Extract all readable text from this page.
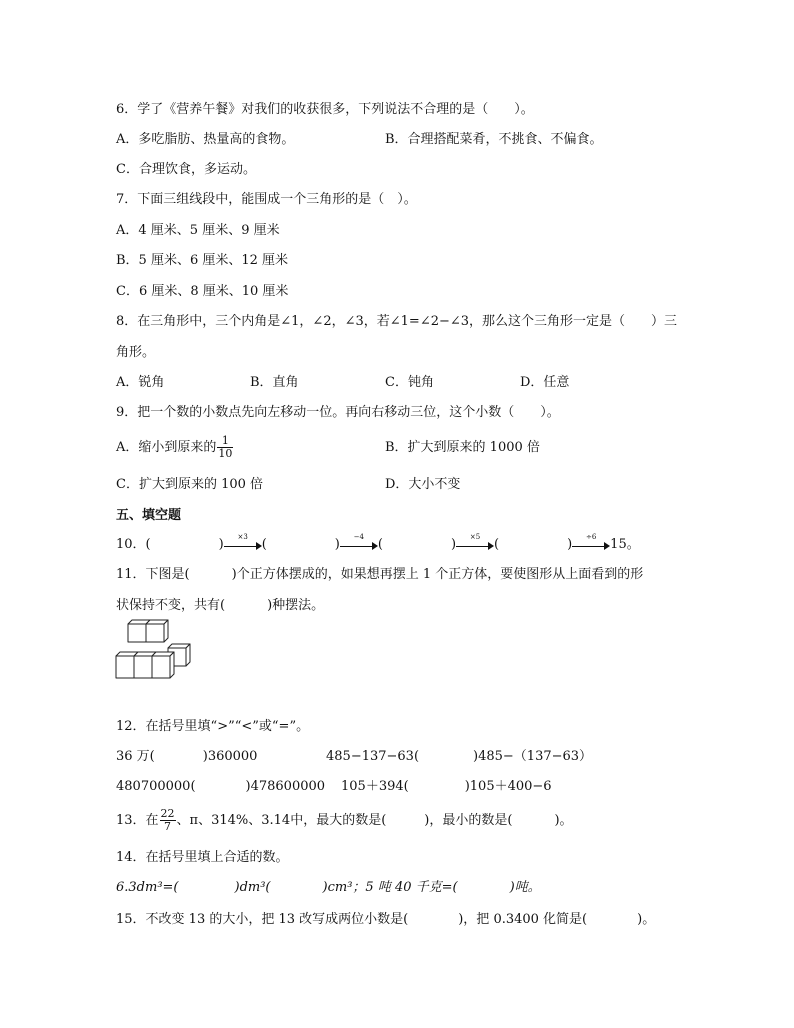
6．学了《营养午餐》对我们的收获很多，下列说法不合理的是（　　）。
A．多吃脂肪、热量高的食物。	B．合理搭配菜肴，不挑食、不偏食。
C．合理饮食，多运动。
7．下面三组线段中，能围成一个三角形的是（　）。
A．4 厘米、5 厘米、9 厘米
B．5 厘米、6 厘米、12 厘米
C．6 厘米、8 厘米、10 厘米
8．在三角形中，三个内角是∠1，∠2，∠3，若∠1=∠2−∠3，那么这个三角形一定是（　　）三
角形。
A．锐角	B．直角	C．钝角	D．任意
9．把一个数的小数点先向左移动一位。再向右移动三位，这个小数（　　）。
A．缩小到原来的 $\frac{1}{10}$	B．扩大到原来的 1000 倍
C．扩大到原来的 100 倍	D．大小不变
五、填空题
10．(	)
×3
(	)
−4
(	)
×5
(	)
÷6
15。
11．下图是(	)个正方体摆成的，如果想再摆上 1 个正方体，要使图形从上面看到的形
状保持不变，共有(	)种摆法。
12．在括号里填“>”“<”或“=”。
36 万(	)360000	485−137−63(	)485−（137−63）
480700000(	)478600000 105＋394(	)105＋400−6
13．在 $\frac{22}{7}$ 、π、314%、3.14中，最大的数是(	)，最小的数是(	)。
14．在括号里填上合适的数。
6.3dm³=(	)dm³(	)cm³；5 吨 40 千克=(	)吨。
15．不改变 13 的大小，把 13 改写成两位小数是(	)，把 0.3400 化简是(	)。
